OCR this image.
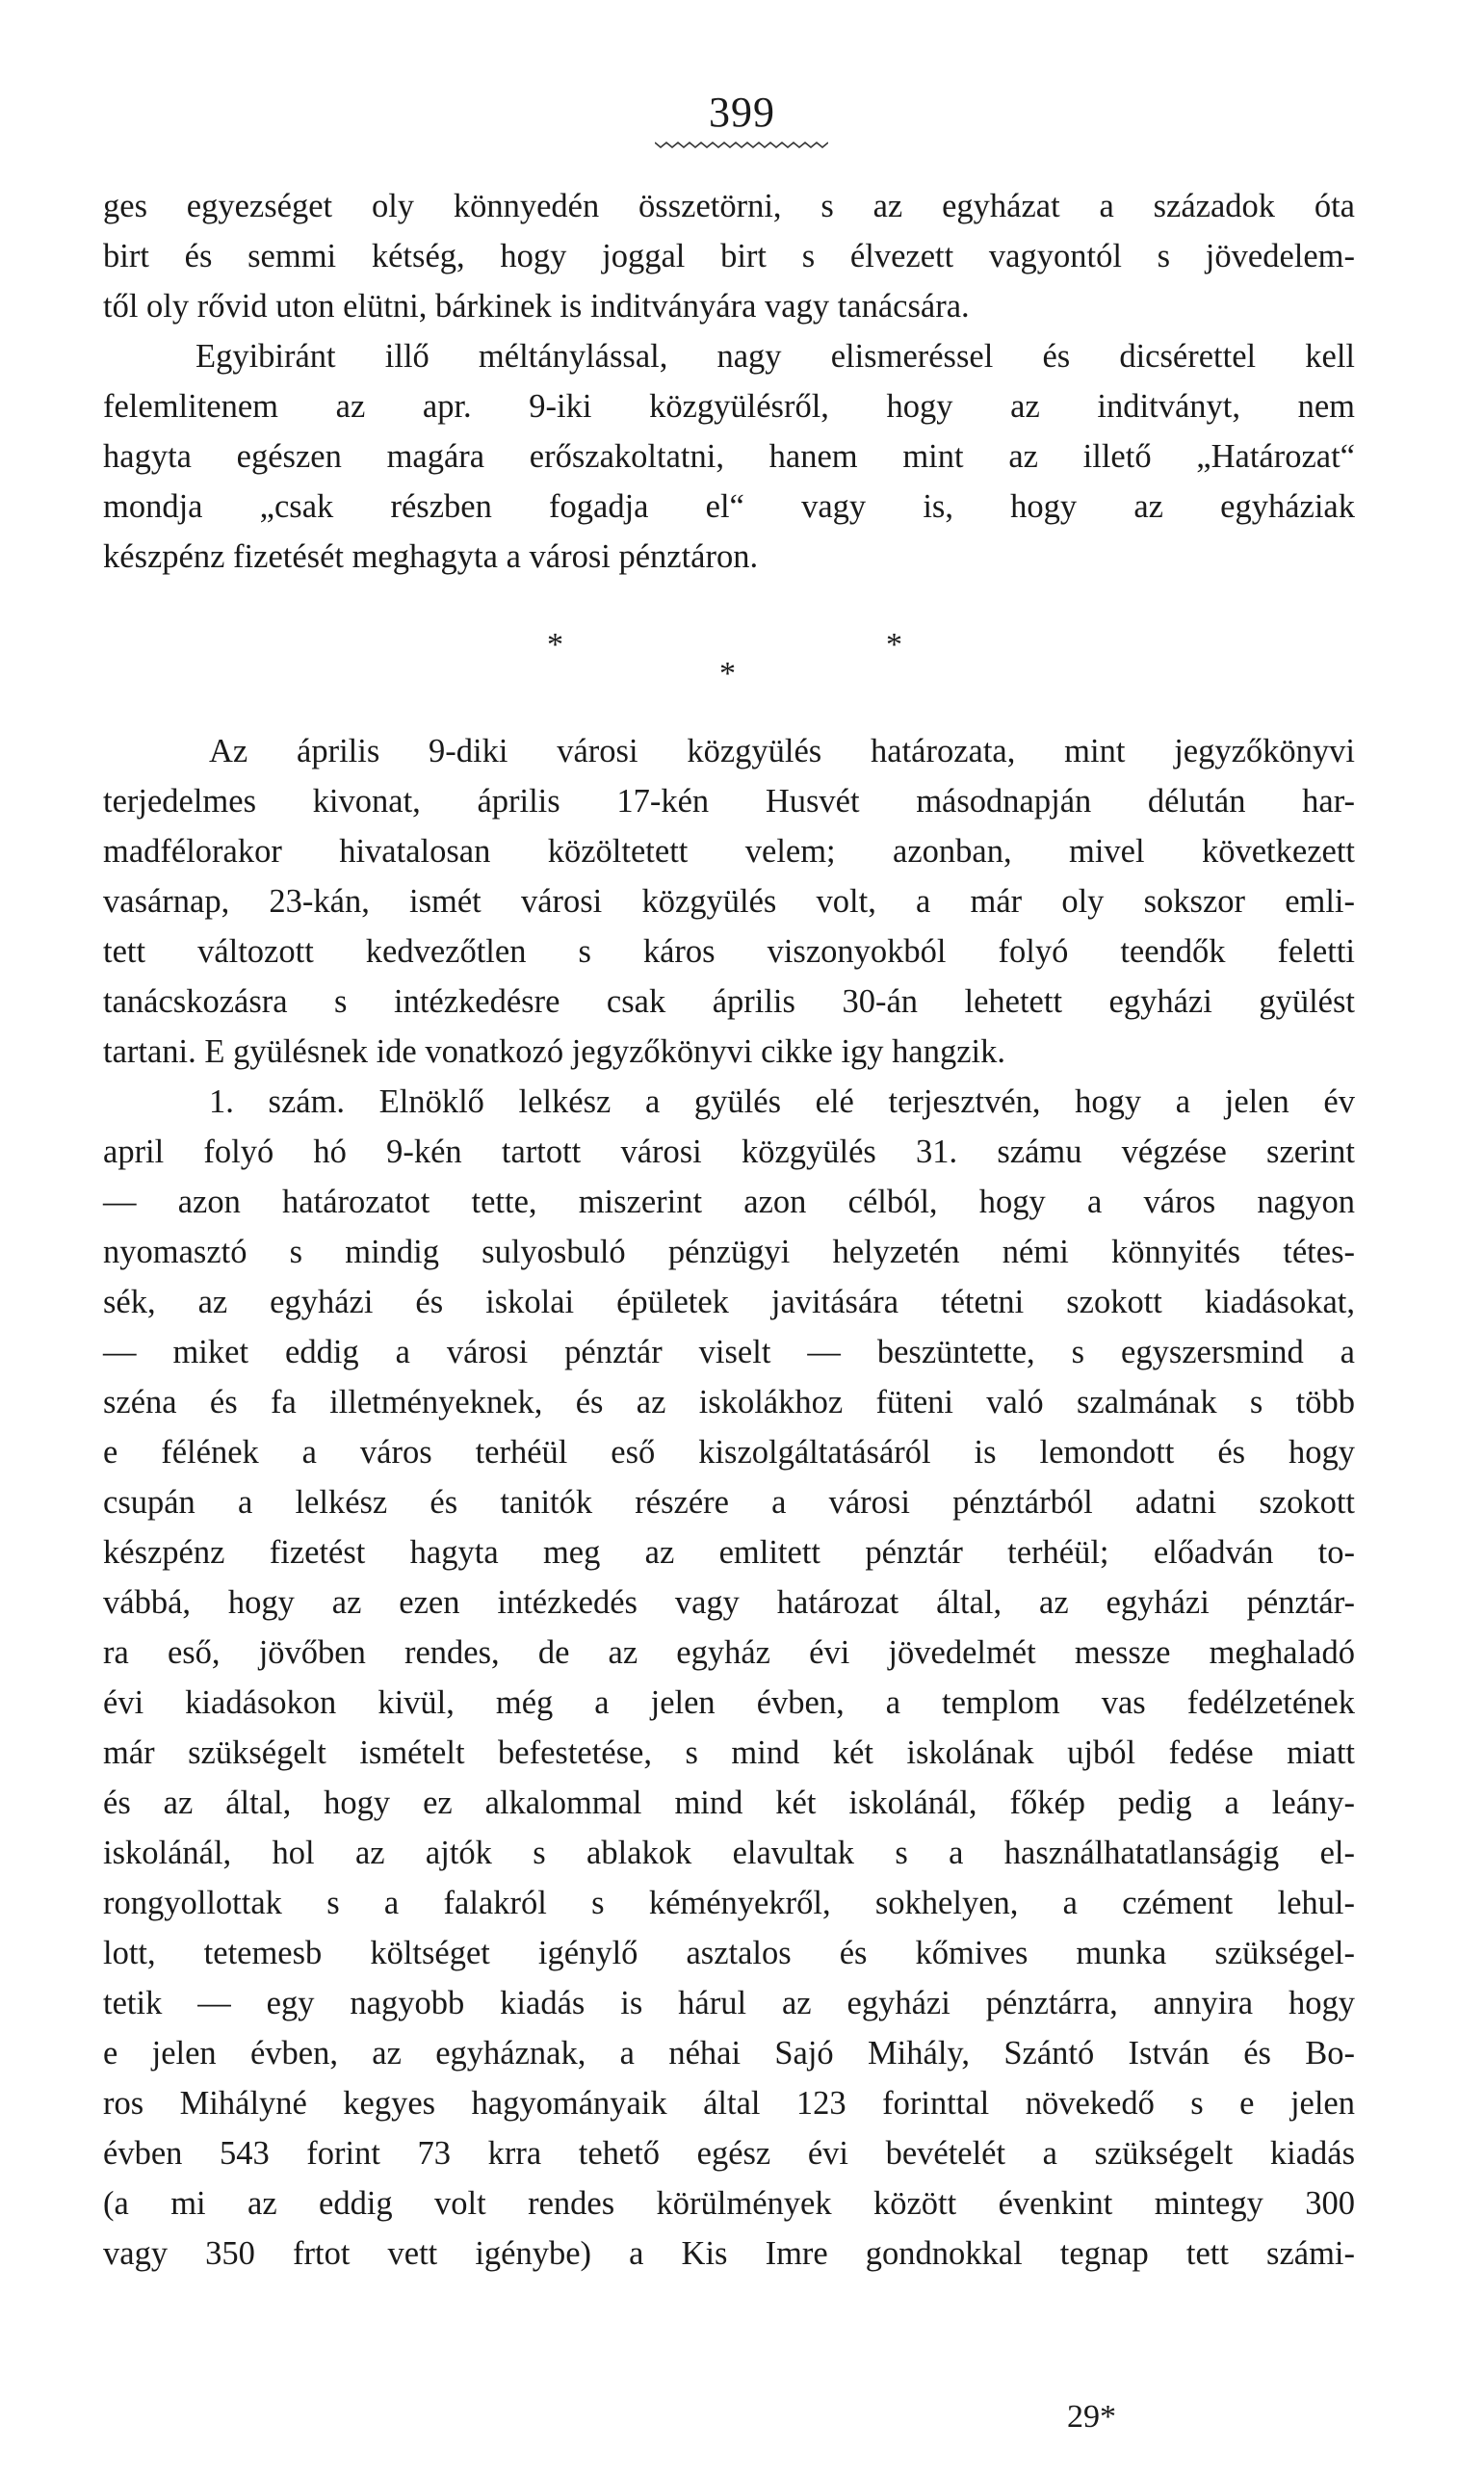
399
ges egyezséget oly könnyedén összetörni, s az egyházat a századok óta
birt és semmi kétség, hogy joggal birt s élvezett vagyontól s jövedelem-
től oly rővid uton elütni, bárkinek is inditványára vagy tanácsára.
Egyibiránt illő méltánylással, nagy elismeréssel és dicsérettel kell
felemlitenem az apr. 9-iki közgyülésről, hogy az inditványt, nem
hagyta egészen magára erőszakoltatni, hanem mint az illető „Határozat“
mondja „csak részben fogadja el“ vagy is, hogy az egyháziak
készpénz fizetését meghagyta a városi pénztáron.
*	*
*
Az április 9-diki városi közgyülés határozata, mint jegyzőkönyvi
terjedelmes kivonat, április 17-kén Husvét másodnapján délután har-
madfélorakor hivatalosan közöltetett velem; azonban, mivel következett
vasárnap, 23-kán, ismét városi közgyülés volt, a már oly sokszor emli-
tett változott kedvezőtlen s káros viszonyokból folyó teendők feletti
tanácskozásra s intézkedésre csak április 30-án lehetett egyházi gyülést
tartani. E gyülésnek ide vonatkozó jegyzőkönyvi cikke igy hangzik.
1. szám. Elnöklő lelkész a gyülés elé terjesztvén, hogy a jelen év
april folyó hó 9-kén tartott városi közgyülés 31. számu végzése szerint
— azon határozatot tette, miszerint azon célból, hogy a város nagyon
nyomasztó s mindig sulyosbuló pénzügyi helyzetén némi könnyités tétes-
sék, az egyházi és iskolai épületek javitására tétetni szokott kiadásokat,
— miket eddig a városi pénztár viselt — beszüntette, s egyszersmind a
széna és fa illetményeknek, és az iskolákhoz füteni való szalmának s több
e félének a város terhéül eső kiszolgáltatásáról is lemondott és hogy
csupán a lelkész és tanitók részére a városi pénztárból adatni szokott
készpénz fizetést hagyta meg az emlitett pénztár terhéül; előadván to-
vábbá, hogy az ezen intézkedés vagy határozat által, az egyházi pénztár-
ra eső, jövőben rendes, de az egyház évi jövedelmét messze meghaladó
évi kiadásokon kivül, még a jelen évben, a templom vas fedélzetének
már szükségelt ismételt befestetése, s mind két iskolának ujból fedése miatt
és az által, hogy ez alkalommal mind két iskolánál, főkép pedig a leány-
iskolánál, hol az ajtók s ablakok elavultak s a használhatatlanságig el-
rongyollottak s a falakról s kéményekről, sokhelyen, a czément lehul-
lott, tetemesb költséget igénylő asztalos és kőmives munka szükségel-
tetik — egy nagyobb kiadás is hárul az egyházi pénztárra, annyira hogy
e jelen évben, az egyháznak, a néhai Sajó Mihály, Szántó István és Bo-
ros Mihályné kegyes hagyományaik által 123 forinttal növekedő s e jelen
évben 543 forint 73 krra tehető egész évi bevételét a szükségelt kiadás
(a mi az eddig volt rendes körülmények között évenkint mintegy 300
vagy 350 frtot vett igénybe) a Kis Imre gondnokkal tegnap tett számi-
29*
